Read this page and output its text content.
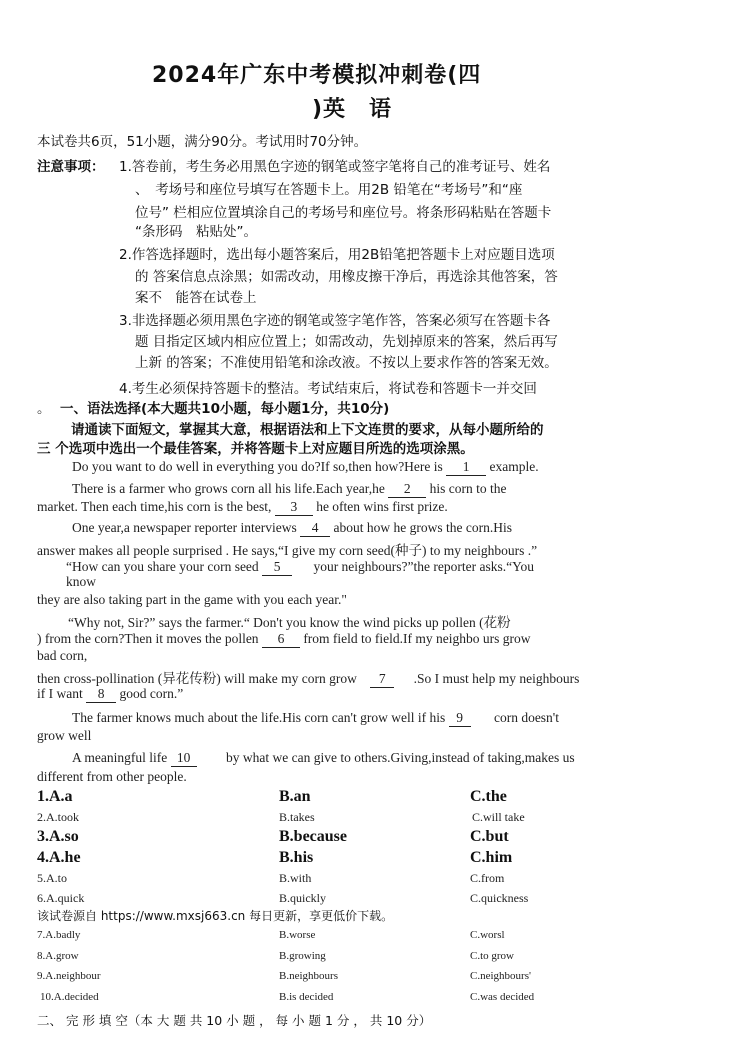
2024年广东中考模拟冲刺卷(四
)英　语
本试卷共6页，51小题，满分90分。考试用时70分钟。
注意事项： 1.答卷前，考生务必用黑色字迹的钢笔或签字笔将自己的准考证号、姓名
、　考场号和座位号填写在答题卡上。用2B 铅笔在“考场号”和“座
位号” 栏相应位置填涂自己的考场号和座位号。将条形码粘贴在答题卡
“条形码　粘贴处”。
2.作答选择题时，选出每小题答案后，用2B铅笔把答题卡上对应题目选项
的 答案信息点涂黑；如需改动，用橡皮擦干净后，再选涂其他答案，答
案不　能答在试卷上
3.非选择题必须用黑色字迹的钢笔或签字笔作答，答案必须写在答题卡各
题 目指定区域内相应位置上；如需改动，先划掉原来的答案，然后再写
上新 的答案；不准使用铅笔和涂改液。不按以上要求作答的答案无效。
4.考生必须保持答题卡的整洁。考试结束后，将试卷和答题卡一并交回
。 一、语法选择(本大题共10小题，每小题1分，共10分)
请通读下面短文，掌握其大意，根据语法和上下文连贯的要求，从每小题所给的
三 个选项中选出一个最佳答案，并将答题卡上对应题目所选的选项涂黑。
Do you want to do well in everything you do?If so,then how?Here is 1 example.
There is a farmer who grows corn all his life.Each year,he 2 his corn to the
market. Then each time,his corn is the best, 3 he often wins first prize.
One year,a newspaper reporter interviews 4 about how he grows the corn.His
answer makes all people surprised . He says,“I give my corn seed(种子) to my neighbours .”
“How can you share your corn seed 5 your neighbours?”the reporter asks.“You
know
they are also taking part in the game with you each year."
“Why not, Sir?” says the farmer.“ Don't you know the wind picks up pollen (花粉
) from the corn?Then it moves the pollen 6 from field to field.If my neighbo urs grow
bad corn,
then cross-pollination (异花传粉) will make my corn grow 7 .So I must help my neighbours
if I want 8 good corn.”
The farmer knows much about the life.His corn can't grow well if his 9 corn doesn't
grow well
A meaningful life 10	by what we can give to others.Giving,instead of taking,makes us
different from other people.
1.A.a	B.an	C.the
2.A.took	B.takes	C.will take
3.A.so	B.because	C.but
4.A.he	B.his	C.him
5.A.to	B.with	C.from
6.A.quick	B.quickly	C.quickness
该试卷源自 https://www.mxsj663.cn 每日更新，享更低价下载。
7.A.badly	B.worse	C.worsl
8.A.grow	B.growing	C.to grow
9.A.neighbour	B.neighbours	C.neighbours'
10.A.decided	B.is decided	C.was decided
二、 完 形 填 空（本 大 题 共 10 小 题 ， 每 小 题 1 分 ， 共 10 分）
